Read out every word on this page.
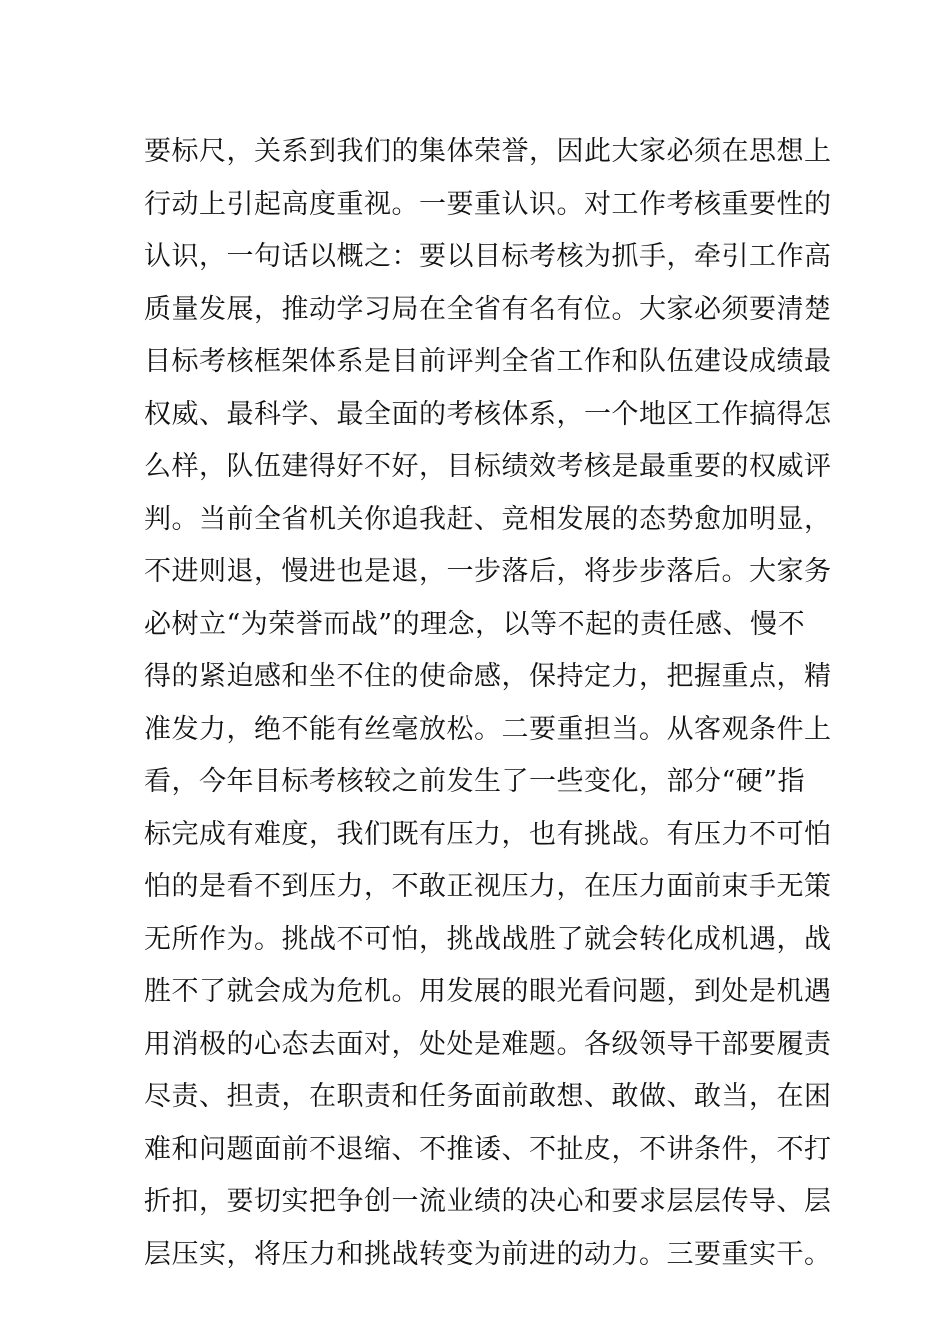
要标尺，关系到我们的集体荣誉，因此大家必须在思想上
行动上引起高度重视。一要重认识。对工作考核重要性的
认识，一句话以概之：要以目标考核为抓手，牵引工作高
质量发展，推动学习局在全省有名有位。大家必须要清楚
目标考核框架体系是目前评判全省工作和队伍建设成绩最
权威、最科学、最全面的考核体系，一个地区工作搞得怎
么样，队伍建得好不好，目标绩效考核是最重要的权威评
判。当前全省机关你追我赶、竞相发展的态势愈加明显，
不进则退，慢进也是退，一步落后，将步步落后。大家务
必树立“为荣誉而战”的理念，以等不起的责任感、慢不
得的紧迫感和坐不住的使命感，保持定力，把握重点，精
准发力，绝不能有丝毫放松。二要重担当。从客观条件上
看，今年目标考核较之前发生了一些变化，部分“硬”指
标完成有难度，我们既有压力，也有挑战。有压力不可怕
怕的是看不到压力，不敢正视压力，在压力面前束手无策
无所作为。挑战不可怕，挑战战胜了就会转化成机遇，战
胜不了就会成为危机。用发展的眼光看问题，到处是机遇
用消极的心态去面对，处处是难题。各级领导干部要履责
尽责、担责，在职责和任务面前敢想、敢做、敢当，在困
难和问题面前不退缩、不推诿、不扯皮，不讲条件，不打
折扣，要切实把争创一流业绩的决心和要求层层传导、层
层压实，将压力和挑战转变为前进的动力。三要重实干。
